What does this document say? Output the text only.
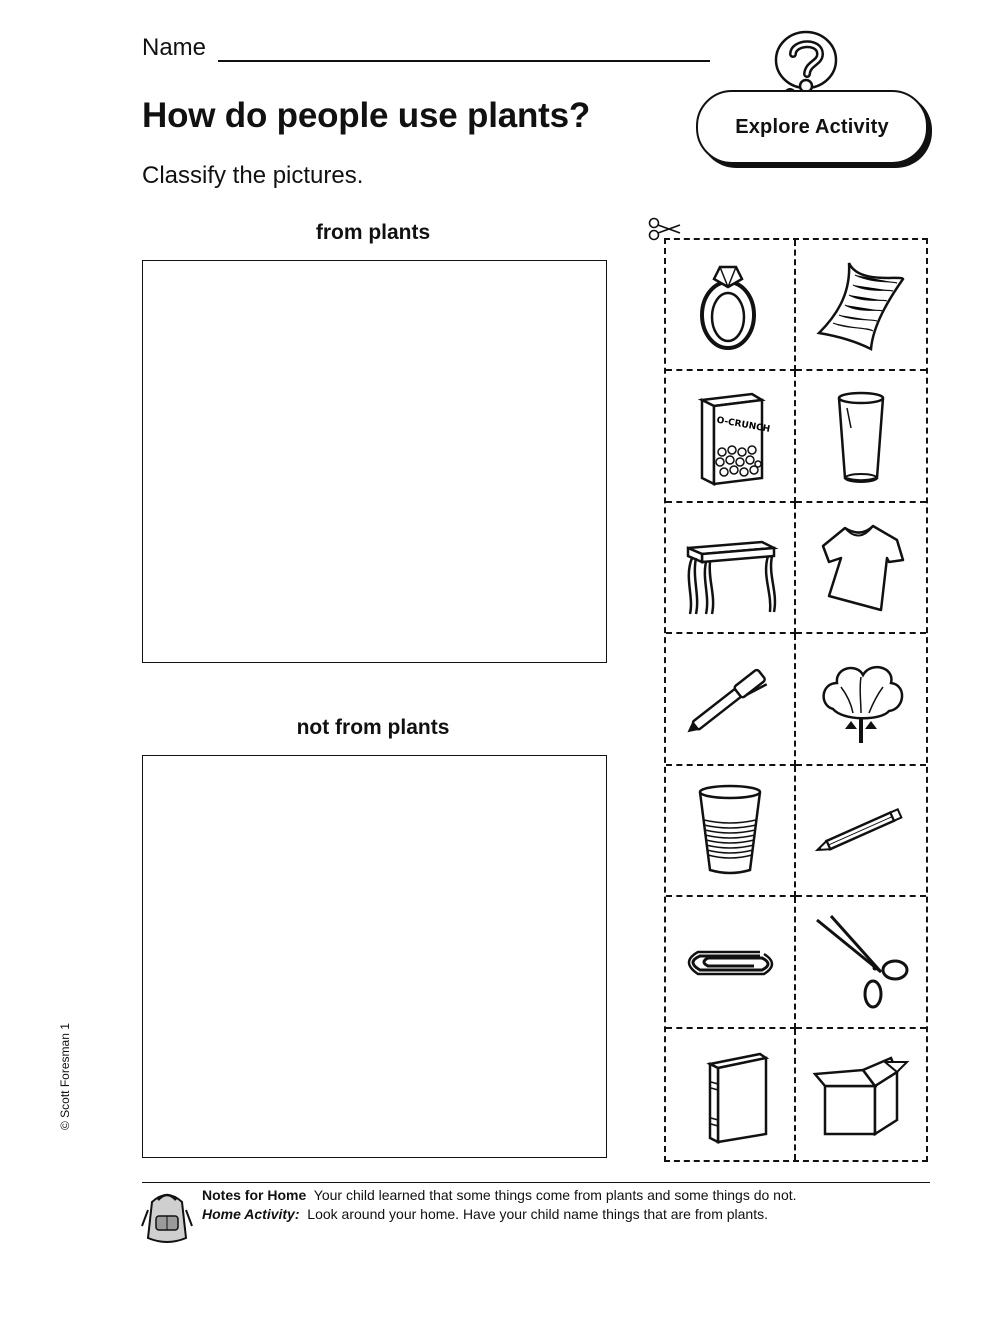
Name
How do people use plants?
Classify the pictures.
Explore Activity
from plants
not from plants
O-CRUNCH
© Scott Foresman 1
Notes for Home Your child learned that some things come from plants and some things do not.
Home Activity: Look around your home. Have your child name things that are from plants.
